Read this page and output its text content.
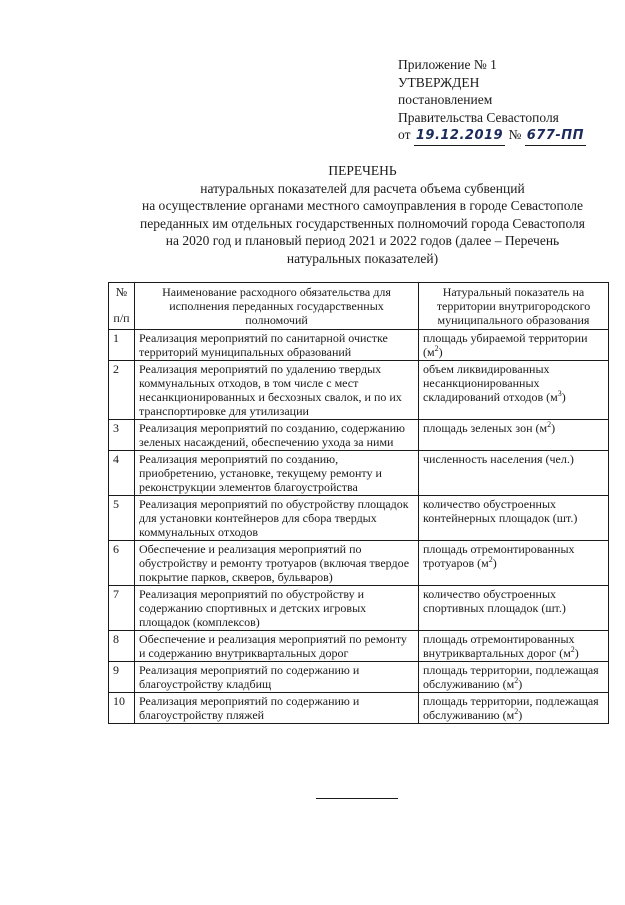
Приложение № 1
УТВЕРЖДЕН
постановлением
Правительства Севастополя
от 19.12.2019 № 677-ПП
ПЕРЕЧЕНЬ
натуральных показателей для расчета объема субвенций
на осуществление органами местного самоуправления в городе Севастополе
переданных им отдельных государственных полномочий города Севастополя
на 2020 год и плановый период 2021 и 2022 годов (далее – Перечень
натуральных показателей)
№
п/п	Наименование расходного обязательства для исполнения переданных государственных полномочий	Натуральный показатель на территории внутригородского муниципального образования
1	Реализация мероприятий по санитарной очистке территорий муниципальных образований	площадь убираемой территории $(м^2)$
2	Реализация мероприятий по удалению твердых коммунальных отходов, в том числе с мест несанкционированных и бесхозных свалок, и по их транспортировке для утилизации	объем ликвидированных несанкционированных складирований отходов $(м^3)$
3	Реализация мероприятий по созданию, содержанию зеленых насаждений, обеспечению ухода за ними	площадь зеленых зон $(м^2)$
4	Реализация мероприятий по созданию, приобретению, установке, текущему ремонту и реконструкции элементов благоустройства	численность населения (чел.)
5	Реализация мероприятий по обустройству площадок для установки контейнеров для сбора твердых коммунальных отходов	количество обустроенных контейнерных площадок (шт.)
6	Обеспечение и реализация мероприятий по обустройству и ремонту тротуаров (включая твердое покрытие парков, скверов, бульваров)	площадь отремонтированных тротуаров $(м^2)$
7	Реализация мероприятий по обустройству и содержанию спортивных и детских игровых площадок (комплексов)	количество обустроенных спортивных площадок (шт.)
8	Обеспечение и реализация мероприятий по ремонту и содержанию внутриквартальных дорог	площадь отремонтированных внутриквартальных дорог $(м^2)$
9	Реализация мероприятий по содержанию и благоустройству кладбищ	площадь территории, подлежащая обслуживанию $(м^2)$
10	Реализация мероприятий по содержанию и благоустройству пляжей	площадь территории, подлежащая обслуживанию $(м^2)$
